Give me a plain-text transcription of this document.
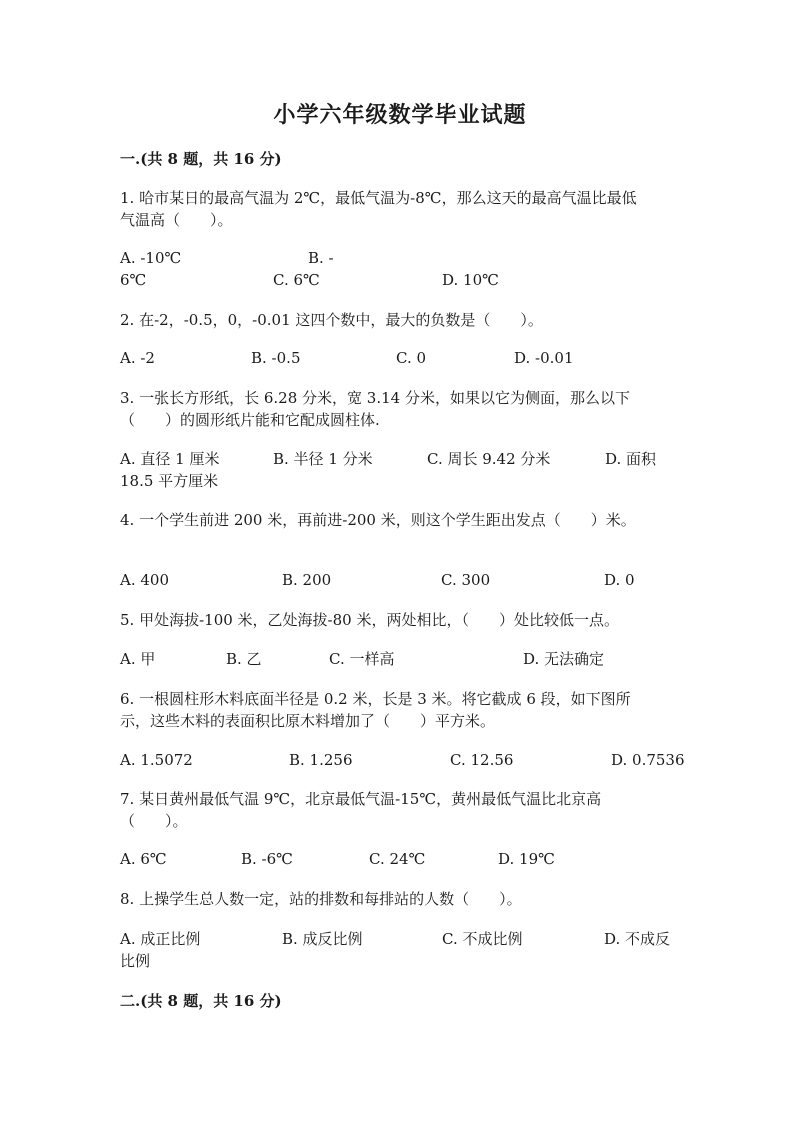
小学六年级数学毕业试题
一.(共 8 题，共 16 分)
1. 哈市某日的最高气温为 2℃，最低气温为-8℃，那么这天的最高气温比最低
气温高（　　）。
A. -10℃	B. -
6℃	C. 6℃	D. 10℃
2. 在-2，-0.5，0，-0.01 这四个数中，最大的负数是（　　）。
A. -2	B. -0.5	C. 0	D. -0.01
3. 一张长方形纸，长 6.28 分米，宽 3.14 分米，如果以它为侧面，那么以下
（　　）的圆形纸片能和它配成圆柱体.
A. 直径 1 厘米	B. 半径 1 分米	C. 周长 9.42 分米	D. 面积
18.5 平方厘米
4. 一个学生前进 200 米，再前进-200 米，则这个学生距出发点（　　）米。
A. 400	B. 200	C. 300	D. 0
5. 甲处海拔-100 米，乙处海拔-80 米，两处相比，（　　）处比较低一点。
A. 甲	B. 乙	C. 一样高	D. 无法确定
6. 一根圆柱形木料底面半径是 0.2 米，长是 3 米。将它截成 6 段，如下图所
示，这些木料的表面积比原木料增加了（　　）平方米。
A. 1.5072	B. 1.256	C. 12.56	D. 0.7536
7. 某日黄州最低气温 9℃，北京最低气温-15℃，黄州最低气温比北京高
（　　）。
A. 6℃	B. -6℃	C. 24℃	D. 19℃
8. 上操学生总人数一定，站的排数和每排站的人数（　　）。
A. 成正比例	B. 成反比例	C. 不成比例	D. 不成反
比例
二.(共 8 题，共 16 分)
